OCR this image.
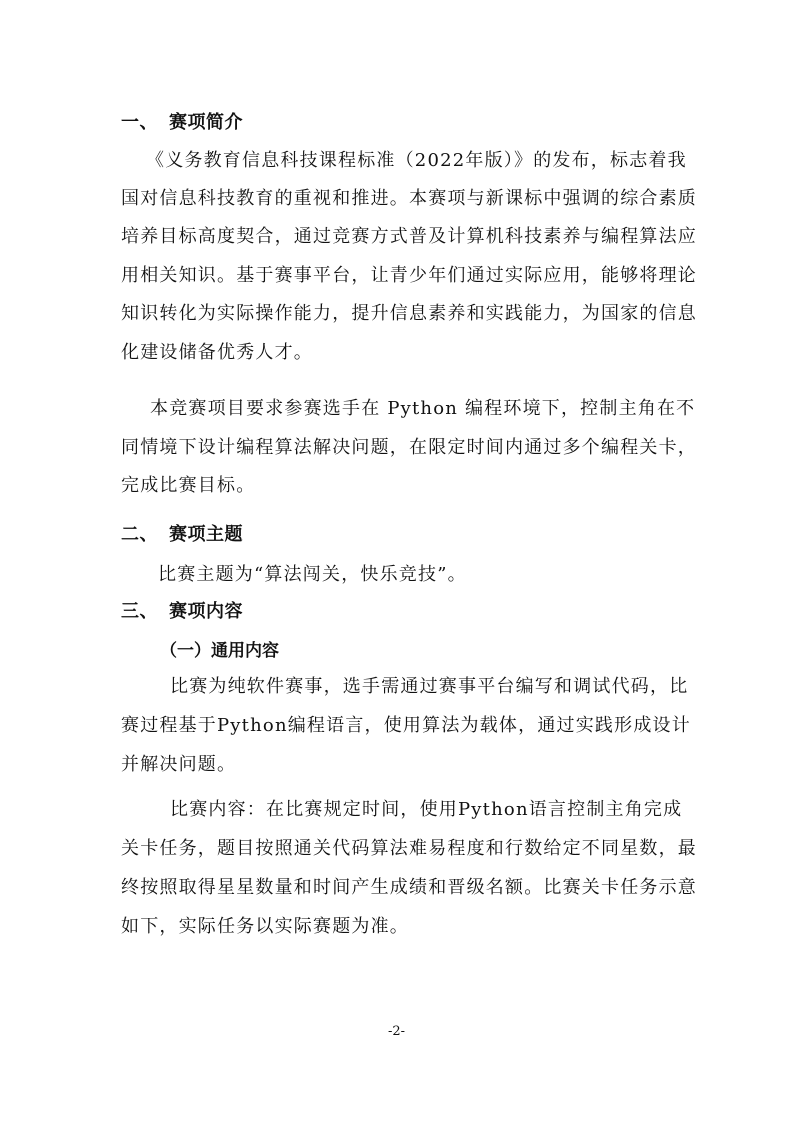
一、 赛项简介
《义务教育信息科技课程标准（2022年版）》的发布，标志着我
国对信息科技教育的重视和推进。本赛项与新课标中强调的综合素质
培养目标高度契合，通过竞赛方式普及计算机科技素养与编程算法应
用相关知识。基于赛事平台，让青少年们通过实际应用，能够将理论
知识转化为实际操作能力，提升信息素养和实践能力，为国家的信息
化建设储备优秀人才。
本竞赛项目要求参赛选手在 Python 编程环境下，控制主角在不
同情境下设计编程算法解决问题，在限定时间内通过多个编程关卡，
完成比赛目标。
二、 赛项主题
比赛主题为“算法闯关，快乐竞技”。
三、 赛项内容
（一）通用内容
比赛为纯软件赛事，选手需通过赛事平台编写和调试代码，比
赛过程基于Python编程语言，使用算法为载体，通过实践形成设计
并解决问题。
比赛内容：在比赛规定时间，使用Python语言控制主角完成
关卡任务，题目按照通关代码算法难易程度和行数给定不同星数，最
终按照取得星星数量和时间产生成绩和晋级名额。比赛关卡任务示意
如下，实际任务以实际赛题为准。
-2-
